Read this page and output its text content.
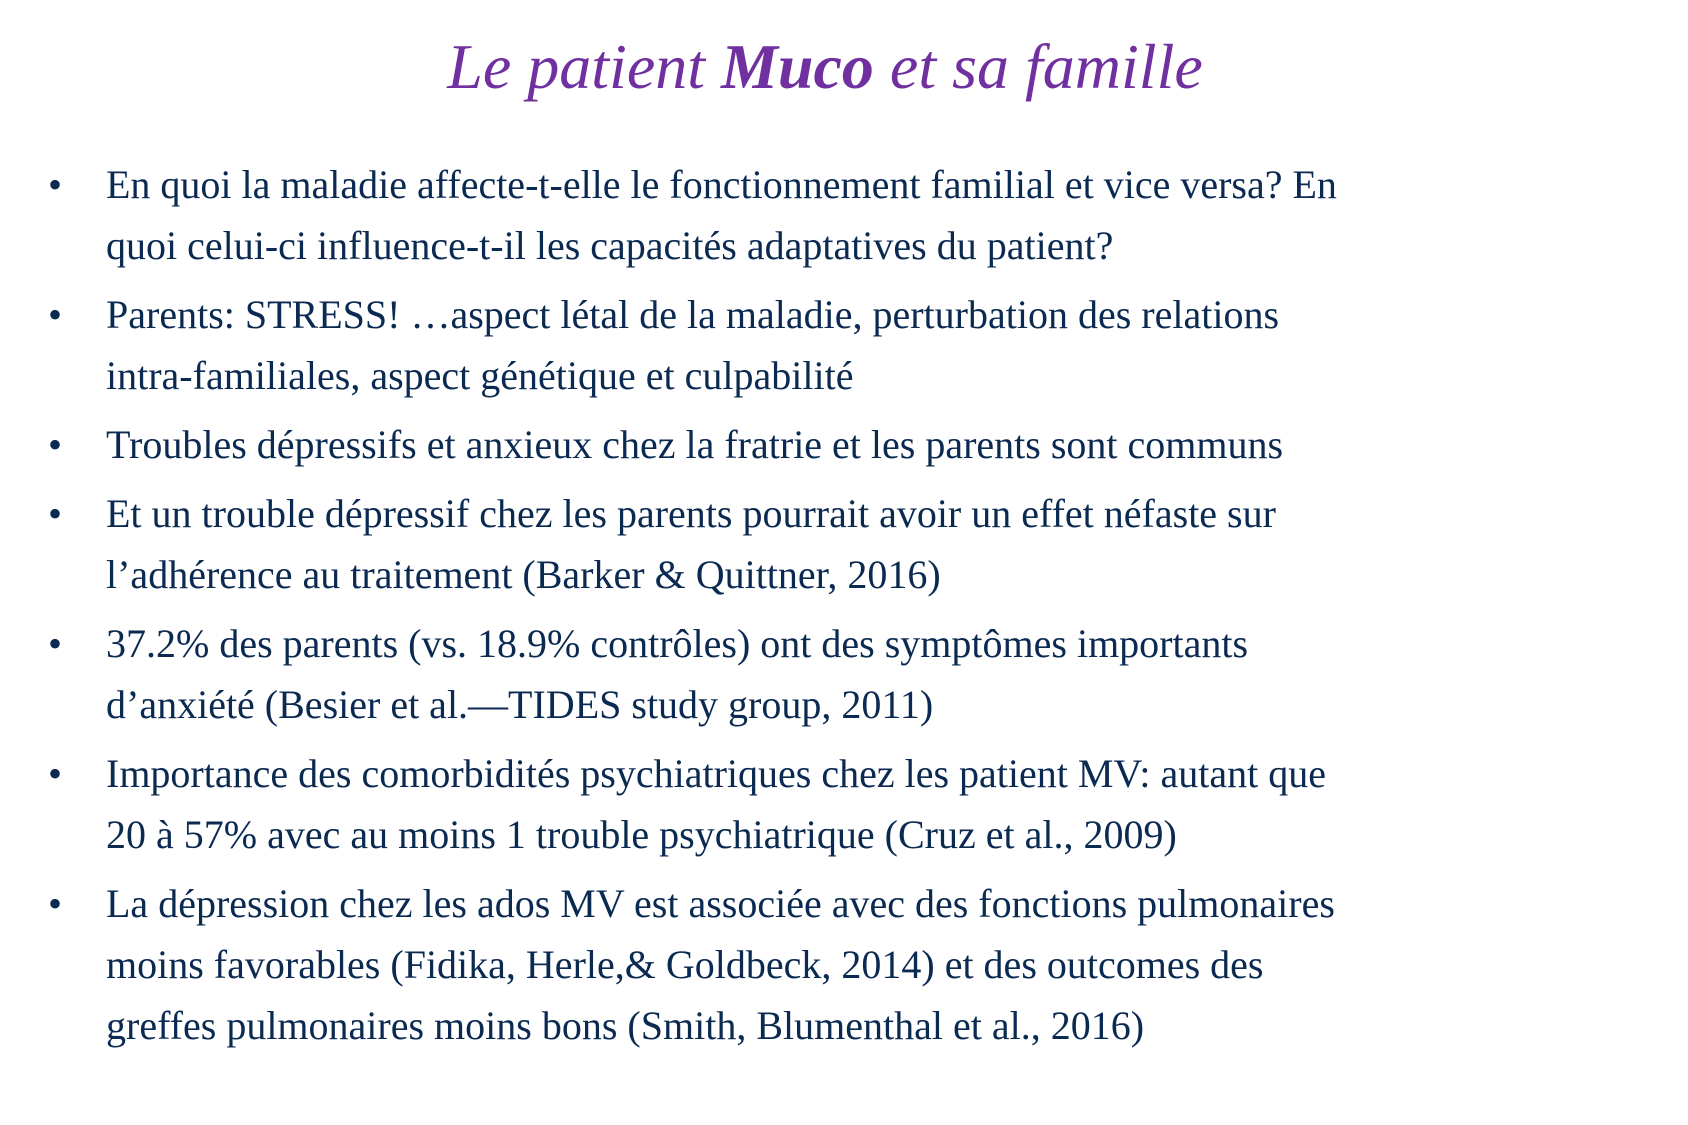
Le patient Muco et sa famille
• En quoi la maladie affecte-t-elle le fonctionnement familial et vice versa? En
quoi celui-ci influence-t-il les capacités adaptatives du patient?
• Parents: STRESS! …aspect létal de la maladie, perturbation des relations
intra-familiales, aspect génétique et culpabilité
• Troubles dépressifs et anxieux chez la fratrie et les parents sont communs
• Et un trouble dépressif chez les parents pourrait avoir un effet néfaste sur
l’adhérence au traitement (Barker & Quittner, 2016)
• 37.2% des parents (vs. 18.9% contrôles) ont des symptômes importants
d’anxiété (Besier et al.—TIDES study group, 2011)
• Importance des comorbidités psychiatriques chez les patient MV: autant que
20 à 57% avec au moins 1 trouble psychiatrique (Cruz et al., 2009)
• La dépression chez les ados MV est associée avec des fonctions pulmonaires
moins favorables (Fidika, Herle,& Goldbeck, 2014) et des outcomes des
greffes pulmonaires moins bons (Smith, Blumenthal et al., 2016)
